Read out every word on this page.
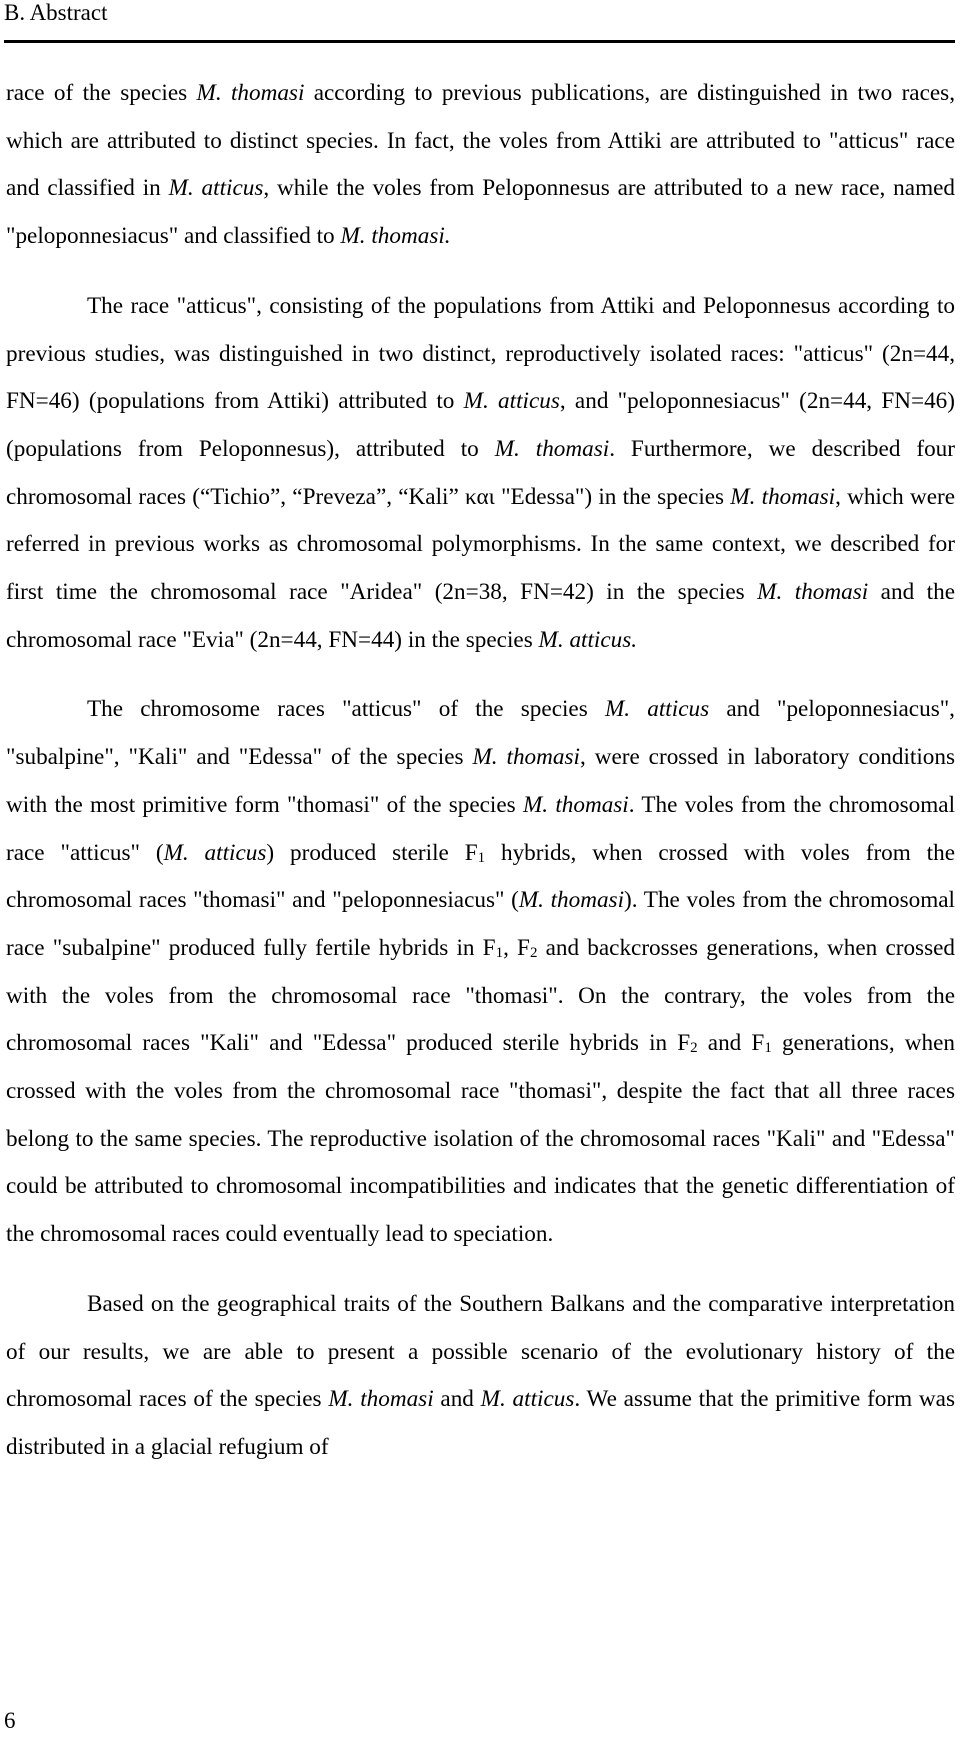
B. Abstract

race of the species M. thomasi according to previous publications, are distinguished in two races, which are attributed to distinct species. In fact, the voles from Attiki are attributed to "atticus" race and classified in M. atticus, while the voles from Peloponnesus are attributed to a new race, named "peloponnesiacus" and classified to M. thomasi.

The race "atticus", consisting of the populations from Attiki and Peloponnesus according to previous studies, was distinguished in two distinct, reproductively isolated races: "atticus" (2n=44, FN=46) (populations from Attiki) attributed to M. atticus, and "peloponnesiacus" (2n=44, FN=46) (populations from Peloponnesus), attributed to M. thomasi. Furthermore, we described four chromosomal races (“Tichio”, “Preveza”, “Kali” και "Edessa") in the species M. thomasi, which were referred in previous works as chromosomal polymorphisms. In the same context, we described for first time the chromosomal race "Aridea" (2n=38, FN=42) in the species M. thomasi and the chromosomal race "Evia" (2n=44, FN=44) in the species M. atticus.

The chromosome races "atticus" of the species M. atticus and "peloponnesiacus", "subalpine", "Kali" and "Edessa" of the species M. thomasi, were crossed in laboratory conditions with the most primitive form "thomasi" of the species M. thomasi. The voles from the chromosomal race "atticus" (M. atticus) produced sterile $F_1$ hybrids, when crossed with voles from the chromosomal races "thomasi" and "peloponnesiacus" (M. thomasi). The voles from the chromosomal race "subalpine" produced fully fertile hybrids in $F_1$, $F_2$ and backcrosses generations, when crossed with the voles from the chromosomal race "thomasi". On the contrary, the voles from the chromosomal races "Kali" and "Edessa" produced sterile hybrids in $F_2$ and $F_1$ generations, when crossed with the voles from the chromosomal race "thomasi", despite the fact that all three races belong to the same species. The reproductive isolation of the chromosomal races "Kali" and "Edessa" could be attributed to chromosomal incompatibilities and indicates that the genetic differentiation of the chromosomal races could eventually lead to speciation.

Based on the geographical traits of the Southern Balkans and the comparative interpretation of our results, we are able to present a possible scenario of the evolutionary history of the chromosomal races of the species M. thomasi and M. atticus. We assume that the primitive form was distributed in a glacial refugium of

6
